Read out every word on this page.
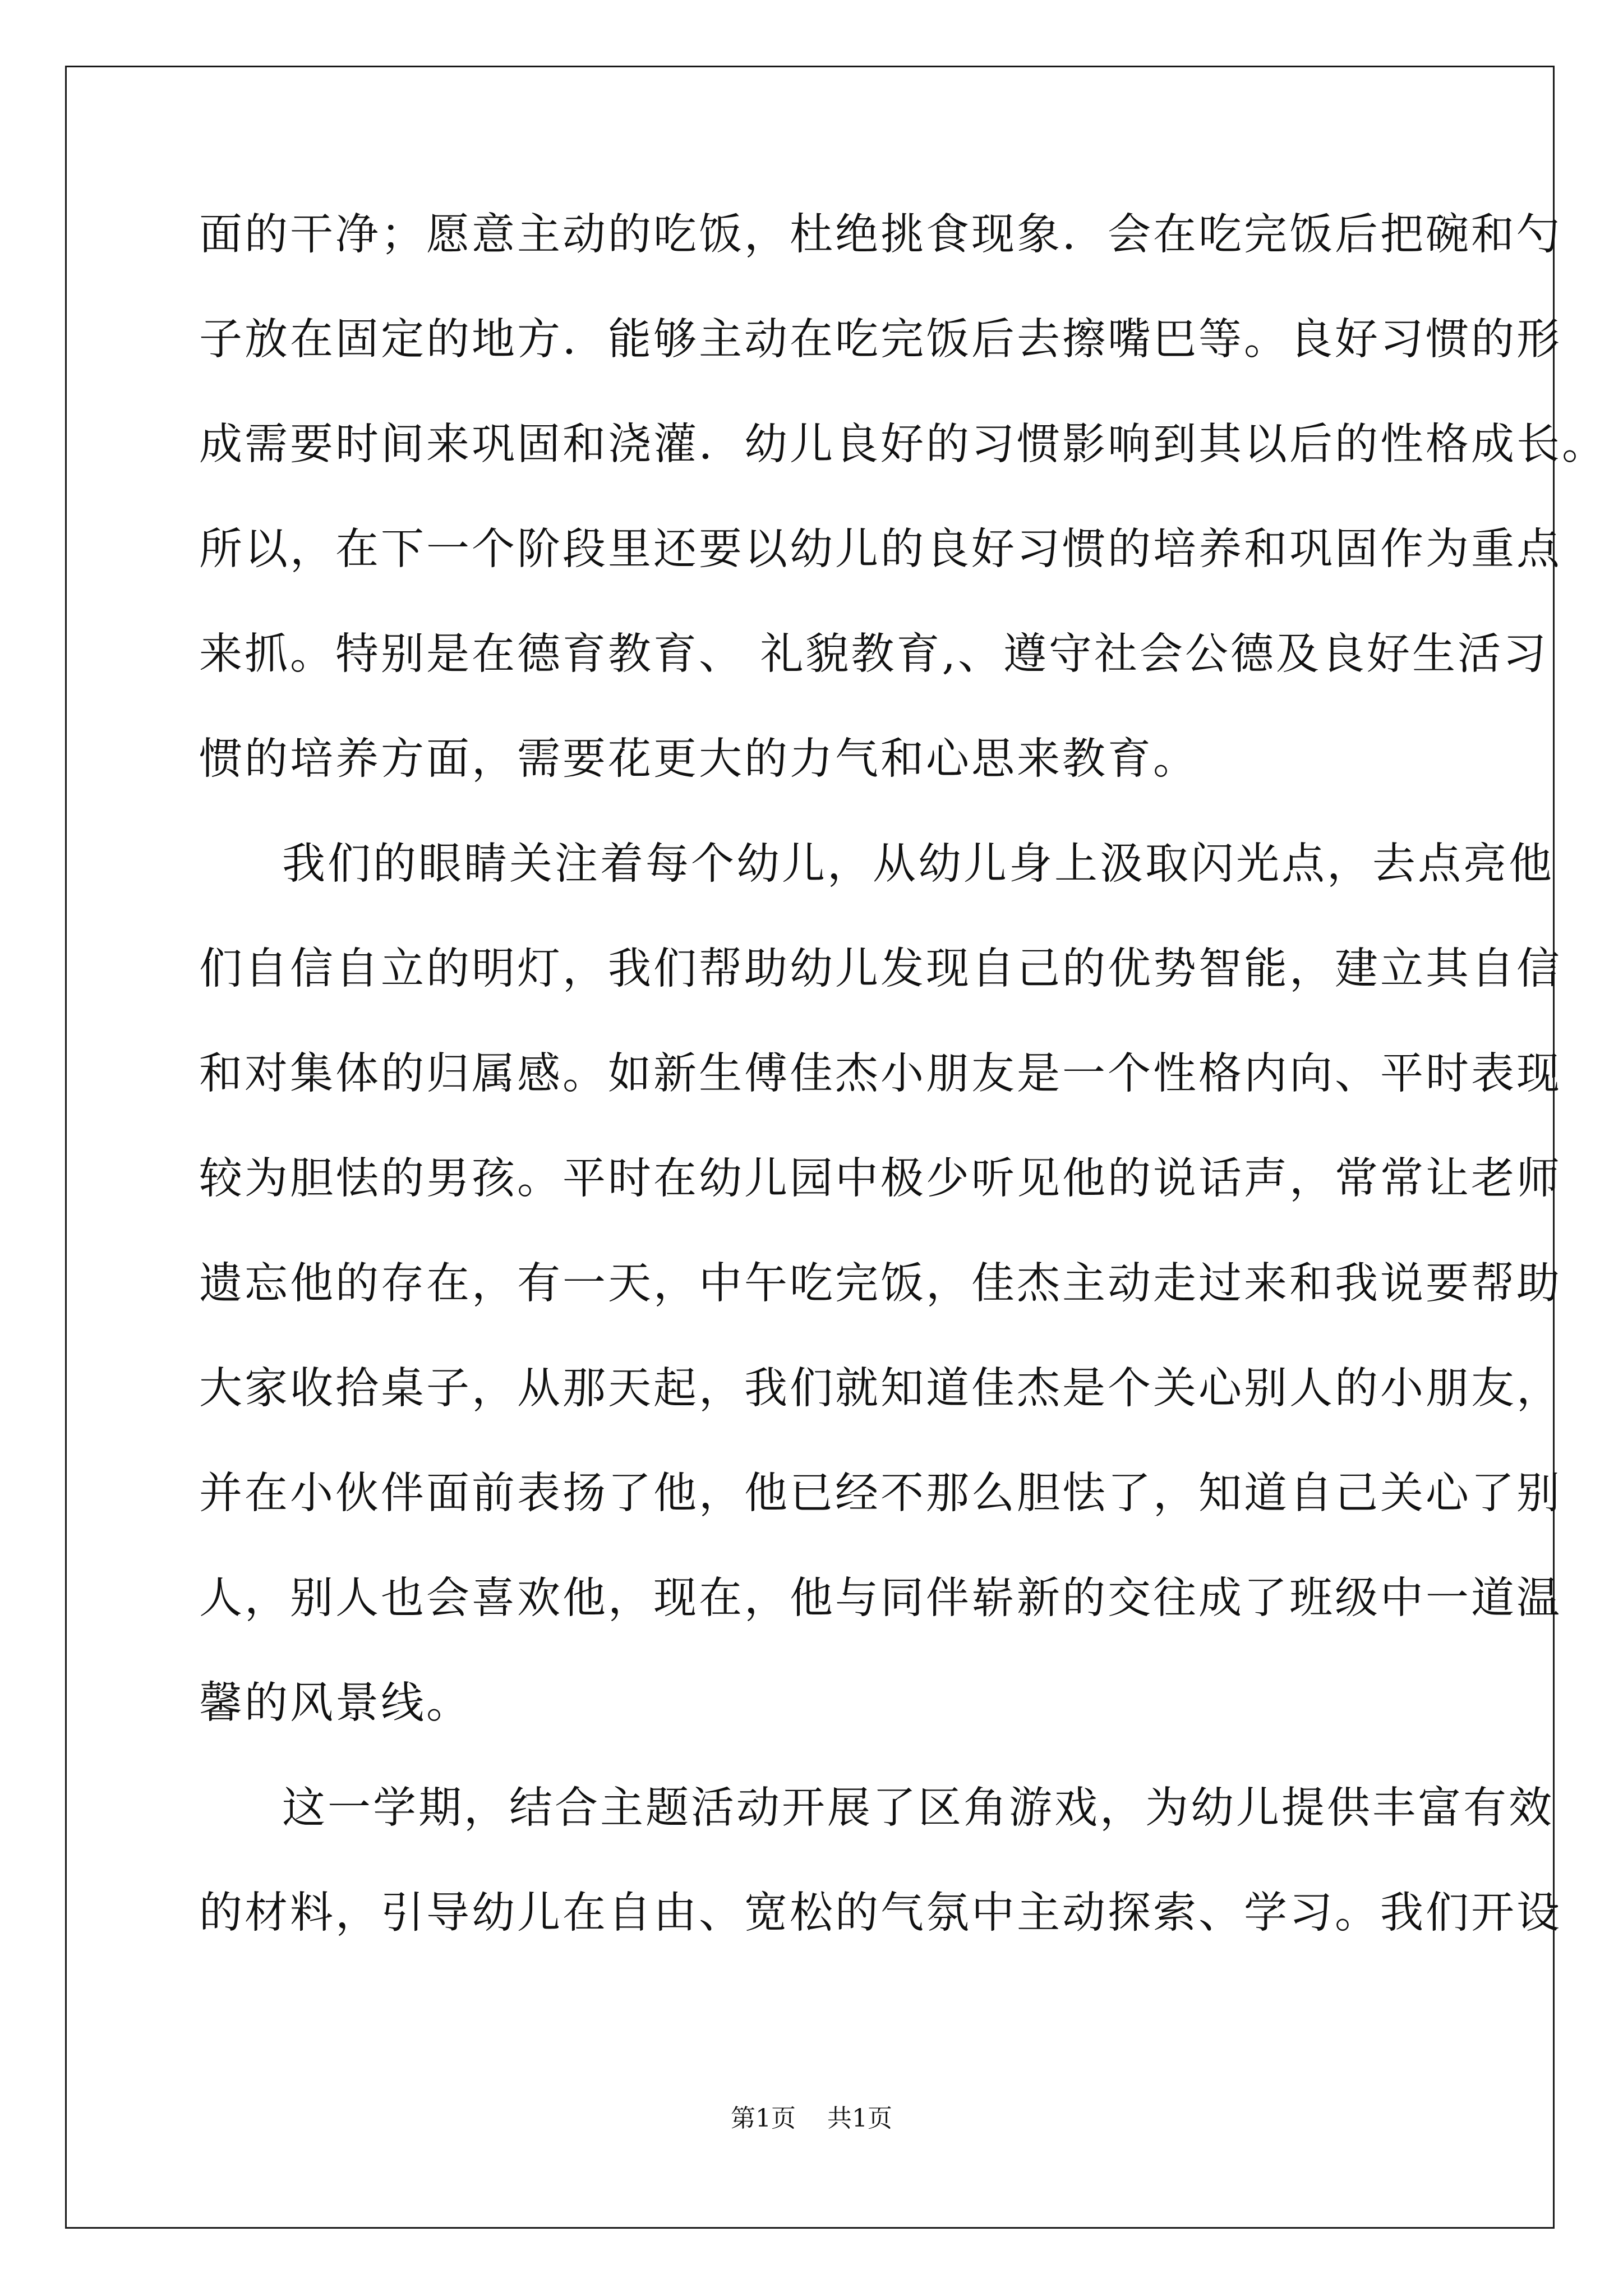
面的干净；愿意主动的吃饭，杜绝挑食现象．会在吃完饭后把碗和勺
子放在固定的地方．能够主动在吃完饭后去擦嘴巴等。良好习惯的形
成需要时间来巩固和浇灌．幼儿良好的习惯影响到其以后的性格成长。
所以，在下一个阶段里还要以幼儿的良好习惯的培养和巩固作为重点
来抓。特别是在德育教育、 礼貌教育,、遵守社会公德及良好生活习
惯的培养方面，需要花更大的力气和心思来教育。
我们的眼睛关注着每个幼儿，从幼儿身上汲取闪光点，去点亮他
们自信自立的明灯，我们帮助幼儿发现自己的优势智能，建立其自信
和对集体的归属感。如新生傅佳杰小朋友是一个性格内向、平时表现
较为胆怯的男孩。平时在幼儿园中极少听见他的说话声，常常让老师
遗忘他的存在，有一天，中午吃完饭，佳杰主动走过来和我说要帮助
大家收拾桌子，从那天起，我们就知道佳杰是个关心别人的小朋友，
并在小伙伴面前表扬了他，他已经不那么胆怯了，知道自己关心了别
人，别人也会喜欢他，现在，他与同伴崭新的交往成了班级中一道温
馨的风景线。
这一学期，结合主题活动开展了区角游戏，为幼儿提供丰富有效
的材料，引导幼儿在自由、宽松的气氛中主动探索、学习。我们开设
第1页    共1页
